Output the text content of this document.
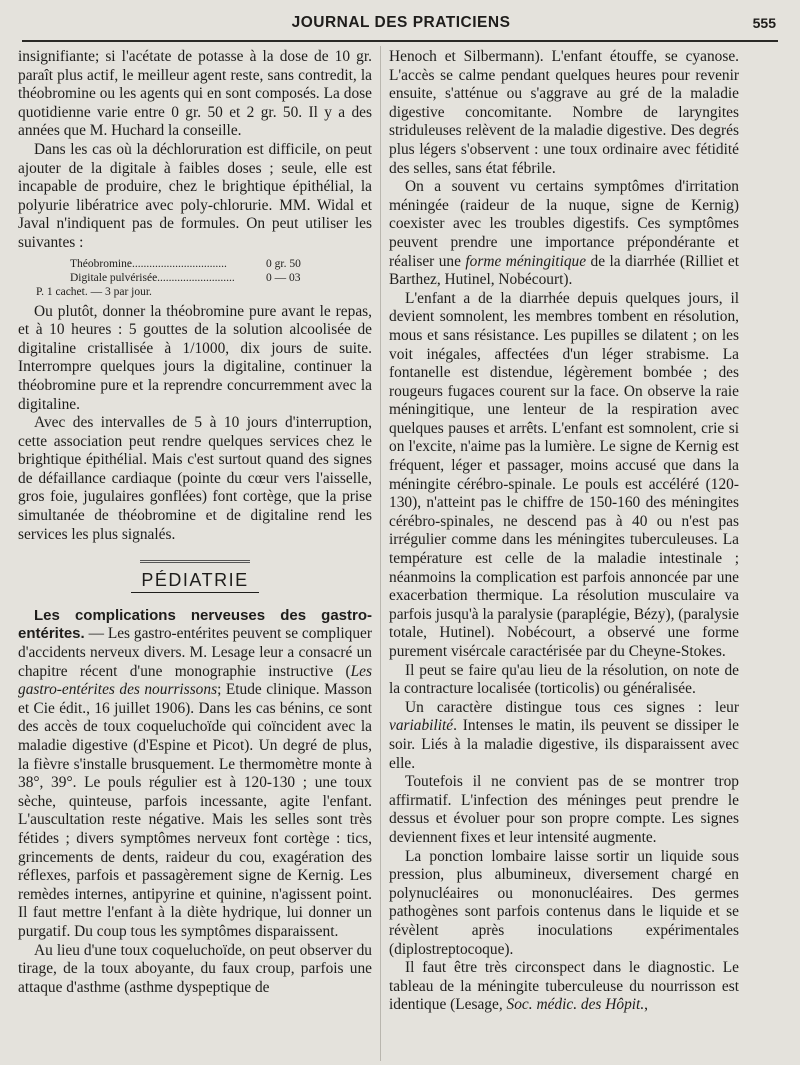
JOURNAL DES PRATICIENS	555

insignifiante; si l'acétate de potasse à la dose de 10 gr. paraît plus actif, le meilleur agent reste, sans contredit, la théobromine ou les agents qui en sont composés. La dose quotidienne varie entre 0 gr. 50 et 2 gr. 50. Il y a des années que M. Huchard la conseille.

Dans les cas où la déchloruration est difficile, on peut ajouter de la digitale à faibles doses ; seule, elle est incapable de produire, chez le brightique épithélial, la polyurie libératrice avec poly-chlorurie. MM. Widal et Javal n'indiquent pas de formules. On peut utiliser les suivantes :

Théobromine.................................	0 gr. 50
Digitale pulvérisée...........................	0 — 03
P. 1 cachet. — 3 par jour.

Ou plutôt, donner la théobromine pure avant le repas, et à 10 heures : 5 gouttes de la solution alcoolisée de digitaline cristallisée à 1/1000, dix jours de suite. Interrompre quelques jours la digitaline, continuer la théobromine pure et la reprendre concurremment avec la digitaline.

Avec des intervalles de 5 à 10 jours d'interruption, cette association peut rendre quelques services chez le brightique épithélial. Mais c'est surtout quand des signes de défaillance cardiaque (pointe du cœur vers l'aisselle, gros foie, jugulaires gonflées) font cortège, que la prise simultanée de théobromine et de digitaline rend les services les plus signalés.

PÉDIATRIE

Les complications nerveuses des gastro-entérites. — Les gastro-entérites peuvent se compliquer d'accidents nerveux divers. M. Lesage leur a consacré un chapitre récent d'une monographie instructive (Les gastro-entérites des nourrissons; Etude clinique. Masson et Cie édit., 16 juillet 1906). Dans les cas bénins, ce sont des accès de toux coqueluchoïde qui coïncident avec la maladie digestive (d'Espine et Picot). Un degré de plus, la fièvre s'installe brusquement. Le thermomètre monte à 38°, 39°. Le pouls régulier est à 120-130 ; une toux sèche, quinteuse, parfois incessante, agite l'enfant. L'auscultation reste négative. Mais les selles sont très fétides ; divers symptômes nerveux font cortège : tics, grincements de dents, raideur du cou, exagération des réflexes, parfois et passagèrement signe de Kernig. Les remèdes internes, antipyrine et quinine, n'agissent point. Il faut mettre l'enfant à la diète hydrique, lui donner un purgatif. Du coup tous les symptômes disparaissent.

Au lieu d'une toux coqueluchoïde, on peut observer du tirage, de la toux aboyante, du faux croup, parfois une attaque d'asthme (asthme dyspeptique de

Henoch et Silbermann). L'enfant étouffe, se cyanose. L'accès se calme pendant quelques heures pour revenir ensuite, s'atténue ou s'aggrave au gré de la maladie digestive concomitante. Nombre de laryngites striduleuses relèvent de la maladie digestive. Des degrés plus légers s'observent : une toux ordinaire avec fétidité des selles, sans état fébrile.

On a souvent vu certains symptômes d'irritation méningée (raideur de la nuque, signe de Kernig) coexister avec les troubles digestifs. Ces symptômes peuvent prendre une importance prépondérante et réaliser une forme méningitique de la diarrhée (Rilliet et Barthez, Hutinel, Nobécourt).

L'enfant a de la diarrhée depuis quelques jours, il devient somnolent, les membres tombent en résolution, mous et sans résistance. Les pupilles se dilatent ; on les voit inégales, affectées d'un léger strabisme. La fontanelle est distendue, légèrement bombée ; des rougeurs fugaces courent sur la face. On observe la raie méningitique, une lenteur de la respiration avec quelques pauses et arrêts. L'enfant est somnolent, crie si on l'excite, n'aime pas la lumière. Le signe de Kernig est fréquent, léger et passager, moins accusé que dans la méningite cérébro-spinale. Le pouls est accéléré (120-130), n'atteint pas le chiffre de 150-160 des méningites cérébro-spinales, ne descend pas à 40 ou n'est pas irrégulier comme dans les méningites tuberculeuses. La température est celle de la maladie intestinale ; néanmoins la complication est parfois annoncée par une exacerbation thermique. La résolution musculaire va parfois jusqu'à la paralysie (paraplégie, Bézy), (paralysie totale, Hutinel). Nobécourt, a observé une forme purement visércale caractérisée par du Cheyne-Stokes.

Il peut se faire qu'au lieu de la résolution, on note de la contracture localisée (torticolis) ou généralisée.

Un caractère distingue tous ces signes : leur variabilité. Intenses le matin, ils peuvent se dissiper le soir. Liés à la maladie digestive, ils disparaissent avec elle.

Toutefois il ne convient pas de se montrer trop affirmatif. L'infection des méninges peut prendre le dessus et évoluer pour son propre compte. Les signes deviennent fixes et leur intensité augmente.

La ponction lombaire laisse sortir un liquide sous pression, plus albumineux, diversement chargé en polynucléaires ou mononucléaires. Des germes pathogènes sont parfois contenus dans le liquide et se révèlent après inoculations expérimentales (diplostreptocoque).

Il faut être très circonspect dans le diagnostic. Le tableau de la méningite tuberculeuse du nourrisson est identique (Lesage, Soc. médic. des Hôpit.,
